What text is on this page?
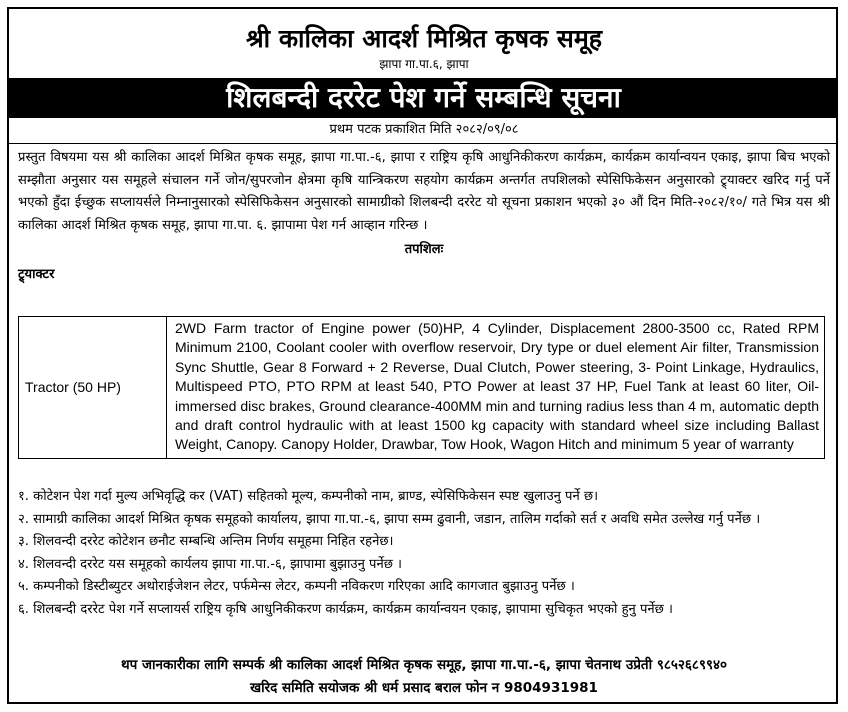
श्री कालिका आदर्श मिश्रित कृषक समूह
झापा गा.पा.६, झापा
शिलबन्दी दररेट पेश गर्ने सम्बन्धि सूचना
प्रथम पटक प्रकाशित मिति २०८२/०९/०८
प्रस्तुत विषयमा यस श्री कालिका आदर्श मिश्रित कृषक समूह, झापा गा.पा.-६, झापा र राष्ट्रिय कृषि आधुनिकीकरण कार्यक्रम, कार्यक्रम कार्यान्वयन एकाइ, झापा बिच भएको सम्झौता अनुसार यस समूहले संचालन गर्ने जोन/सुपरजोन क्षेत्रमा कृषि यान्त्रिकरण सहयोग कार्यक्रम अन्तर्गत तपशिलको स्पेसिफिकेसन अनुसारको ट्र्याक्टर खरिद गर्नु पर्ने भएको हुँदा ईच्छुक सप्लायर्सले निम्नानुसारको स्पेसिफिकेसन अनुसारको सामाग्रीको शिलबन्दी दररेट यो सूचना प्रकाशन भएको ३० औं दिन मिति-२०८२/१०/ गते भित्र यस श्री कालिका आदर्श मिश्रित कृषक समूह, झापा गा.पा. ६. झापामा पेश गर्न आव्हान गरिन्छ ।
तपशिलः
ट्र्याक्टर
Tractor (50 HP)	2WD Farm tractor of Engine power (50)HP, 4 Cylinder, Displacement 2800-3500 cc, Rated RPM Minimum 2100, Coolant cooler with overflow reservoir, Dry type or duel element Air filter, Transmission Sync Shuttle, Gear 8 Forward + 2 Reverse, Dual Clutch, Power steering, 3- Point Linkage, Hydraulics, Multispeed PTO, PTO RPM at least 540, PTO Power at least 37 HP, Fuel Tank at least 60 liter, Oil-immersed disc brakes, Ground clearance-400MM min and turning radius less than 4 m, automatic depth and draft control hydraulic with at least 1500 kg capacity with standard wheel size including Ballast Weight, Canopy. Canopy Holder, Drawbar, Tow Hook, Wagon Hitch and minimum 5 year of warranty
१. कोटेशन पेश गर्दा मुल्य अभिवृद्धि कर (VAT) सहितको मूल्य, कम्पनीको नाम, ब्राण्ड, स्पेसिफिकेसन स्पष्ट खुलाउनु पर्ने छ।
२. सामाग्री कालिका आदर्श मिश्रित कृषक समूहको कार्यालय, झापा गा.पा.-६, झापा सम्म ढुवानी, जडान, तालिम गर्दाको सर्त र अवधि समेत उल्लेख गर्नु पर्नेछ ।
३. शिलवन्दी दररेट कोटेशन छनौट सम्बन्धि अन्तिम निर्णय समूहमा निहित रहनेछ।
४. शिलवन्दी दररेट यस समूहको कार्यलय झापा गा.पा.-६, झापामा बुझाउनु पर्नेछ ।
५. कम्पनीको डिस्टीब्युटर अथोराईजेशन लेटर, पर्फमेन्स लेटर, कम्पनी नविकरण गरिएका आदि कागजात बुझाउनु पर्नेछ ।
६. शिलबन्दी दररेट पेश गर्ने सप्लायर्स राष्ट्रिय कृषि आधुनिकीकरण कार्यक्रम, कार्यक्रम कार्यान्वयन एकाइ, झापामा सुचिकृत भएको हुनु पर्नेछ ।
थप जानकारीका लागि सम्पर्क श्री कालिका आदर्श मिश्रित कृषक समूह, झापा गा.पा.-६, झापा चेतनाथ उप्रेती ९८५२६८९९४०
खरिद समिति सयोजक श्री धर्म प्रसाद बराल फोन न 9804931981
